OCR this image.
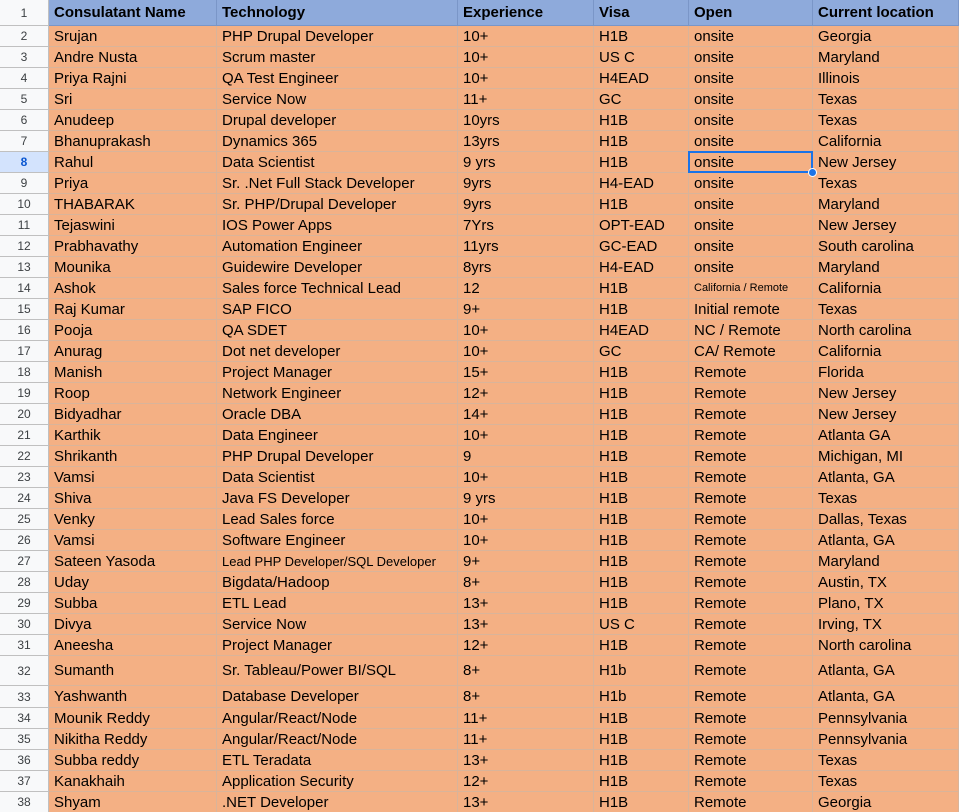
1	Consulatant Name	Technology	Experience	Visa	Open	Current location
2	Srujan	PHP Drupal Developer	10+	H1B	onsite	Georgia
3	Andre Nusta	Scrum master	10+	US C	onsite	Maryland
4	Priya Rajni	QA Test Engineer	10+	H4EAD	onsite	Illinois
5	Sri	Service Now	11+	GC	onsite	Texas
6	Anudeep	Drupal developer	10yrs	H1B	onsite	Texas
7	Bhanuprakash	Dynamics 365	13yrs	H1B	onsite	California
8	Rahul	Data Scientist	9 yrs	H1B	onsite	New Jersey
9	Priya	Sr. .Net Full Stack Developer	9yrs	H4-EAD	onsite	Texas
10	THABARAK	Sr. PHP/Drupal Developer	9yrs	H1B	onsite	Maryland
11	Tejaswini	IOS Power Apps	7Yrs	OPT-EAD	onsite	New Jersey
12	Prabhavathy	Automation Engineer	11yrs	GC-EAD	onsite	South carolina
13	Mounika	Guidewire Developer	8yrs	H4-EAD	onsite	Maryland
14	Ashok	Sales force Technical Lead	12	H1B	California / Remote	California
15	Raj Kumar	SAP FICO	9+	H1B	Initial remote	Texas
16	Pooja	QA SDET	10+	H4EAD	NC / Remote	North carolina
17	Anurag	Dot net developer	10+	GC	CA/ Remote	California
18	Manish	Project Manager	15+	H1B	Remote	Florida
19	Roop	Network Engineer	12+	H1B	Remote	New Jersey
20	Bidyadhar	Oracle DBA	14+	H1B	Remote	New Jersey
21	Karthik	Data Engineer	10+	H1B	Remote	Atlanta GA
22	Shrikanth	PHP Drupal Developer	9	H1B	Remote	Michigan, MI
23	Vamsi	Data Scientist	10+	H1B	Remote	Atlanta, GA
24	Shiva	Java FS Developer	9 yrs	H1B	Remote	Texas
25	Venky	Lead Sales force	10+	H1B	Remote	Dallas, Texas
26	Vamsi	Software Engineer	10+	H1B	Remote	Atlanta, GA
27	Sateen Yasoda	Lead PHP Developer/SQL Developer	9+	H1B	Remote	Maryland
28	Uday	Bigdata/Hadoop	8+	H1B	Remote	Austin, TX
29	Subba	ETL Lead	13+	H1B	Remote	Plano, TX
30	Divya	Service Now	13+	US C	Remote	Irving, TX
31	Aneesha	Project Manager	12+	H1B	Remote	North carolina
32	Sumanth	Sr. Tableau/Power BI/SQL	8+	H1b	Remote	Atlanta, GA
33	Yashwanth	Database Developer	8+	H1b	Remote	Atlanta, GA
34	Mounik Reddy	Angular/React/Node	11+	H1B	Remote	Pennsylvania
35	Nikitha Reddy	Angular/React/Node	11+	H1B	Remote	Pennsylvania
36	Subba reddy	ETL Teradata	13+	H1B	Remote	Texas
37	Kanakhaih	Application Security	12+	H1B	Remote	Texas
38	Shyam	.NET Developer	13+	H1B	Remote	Georgia
